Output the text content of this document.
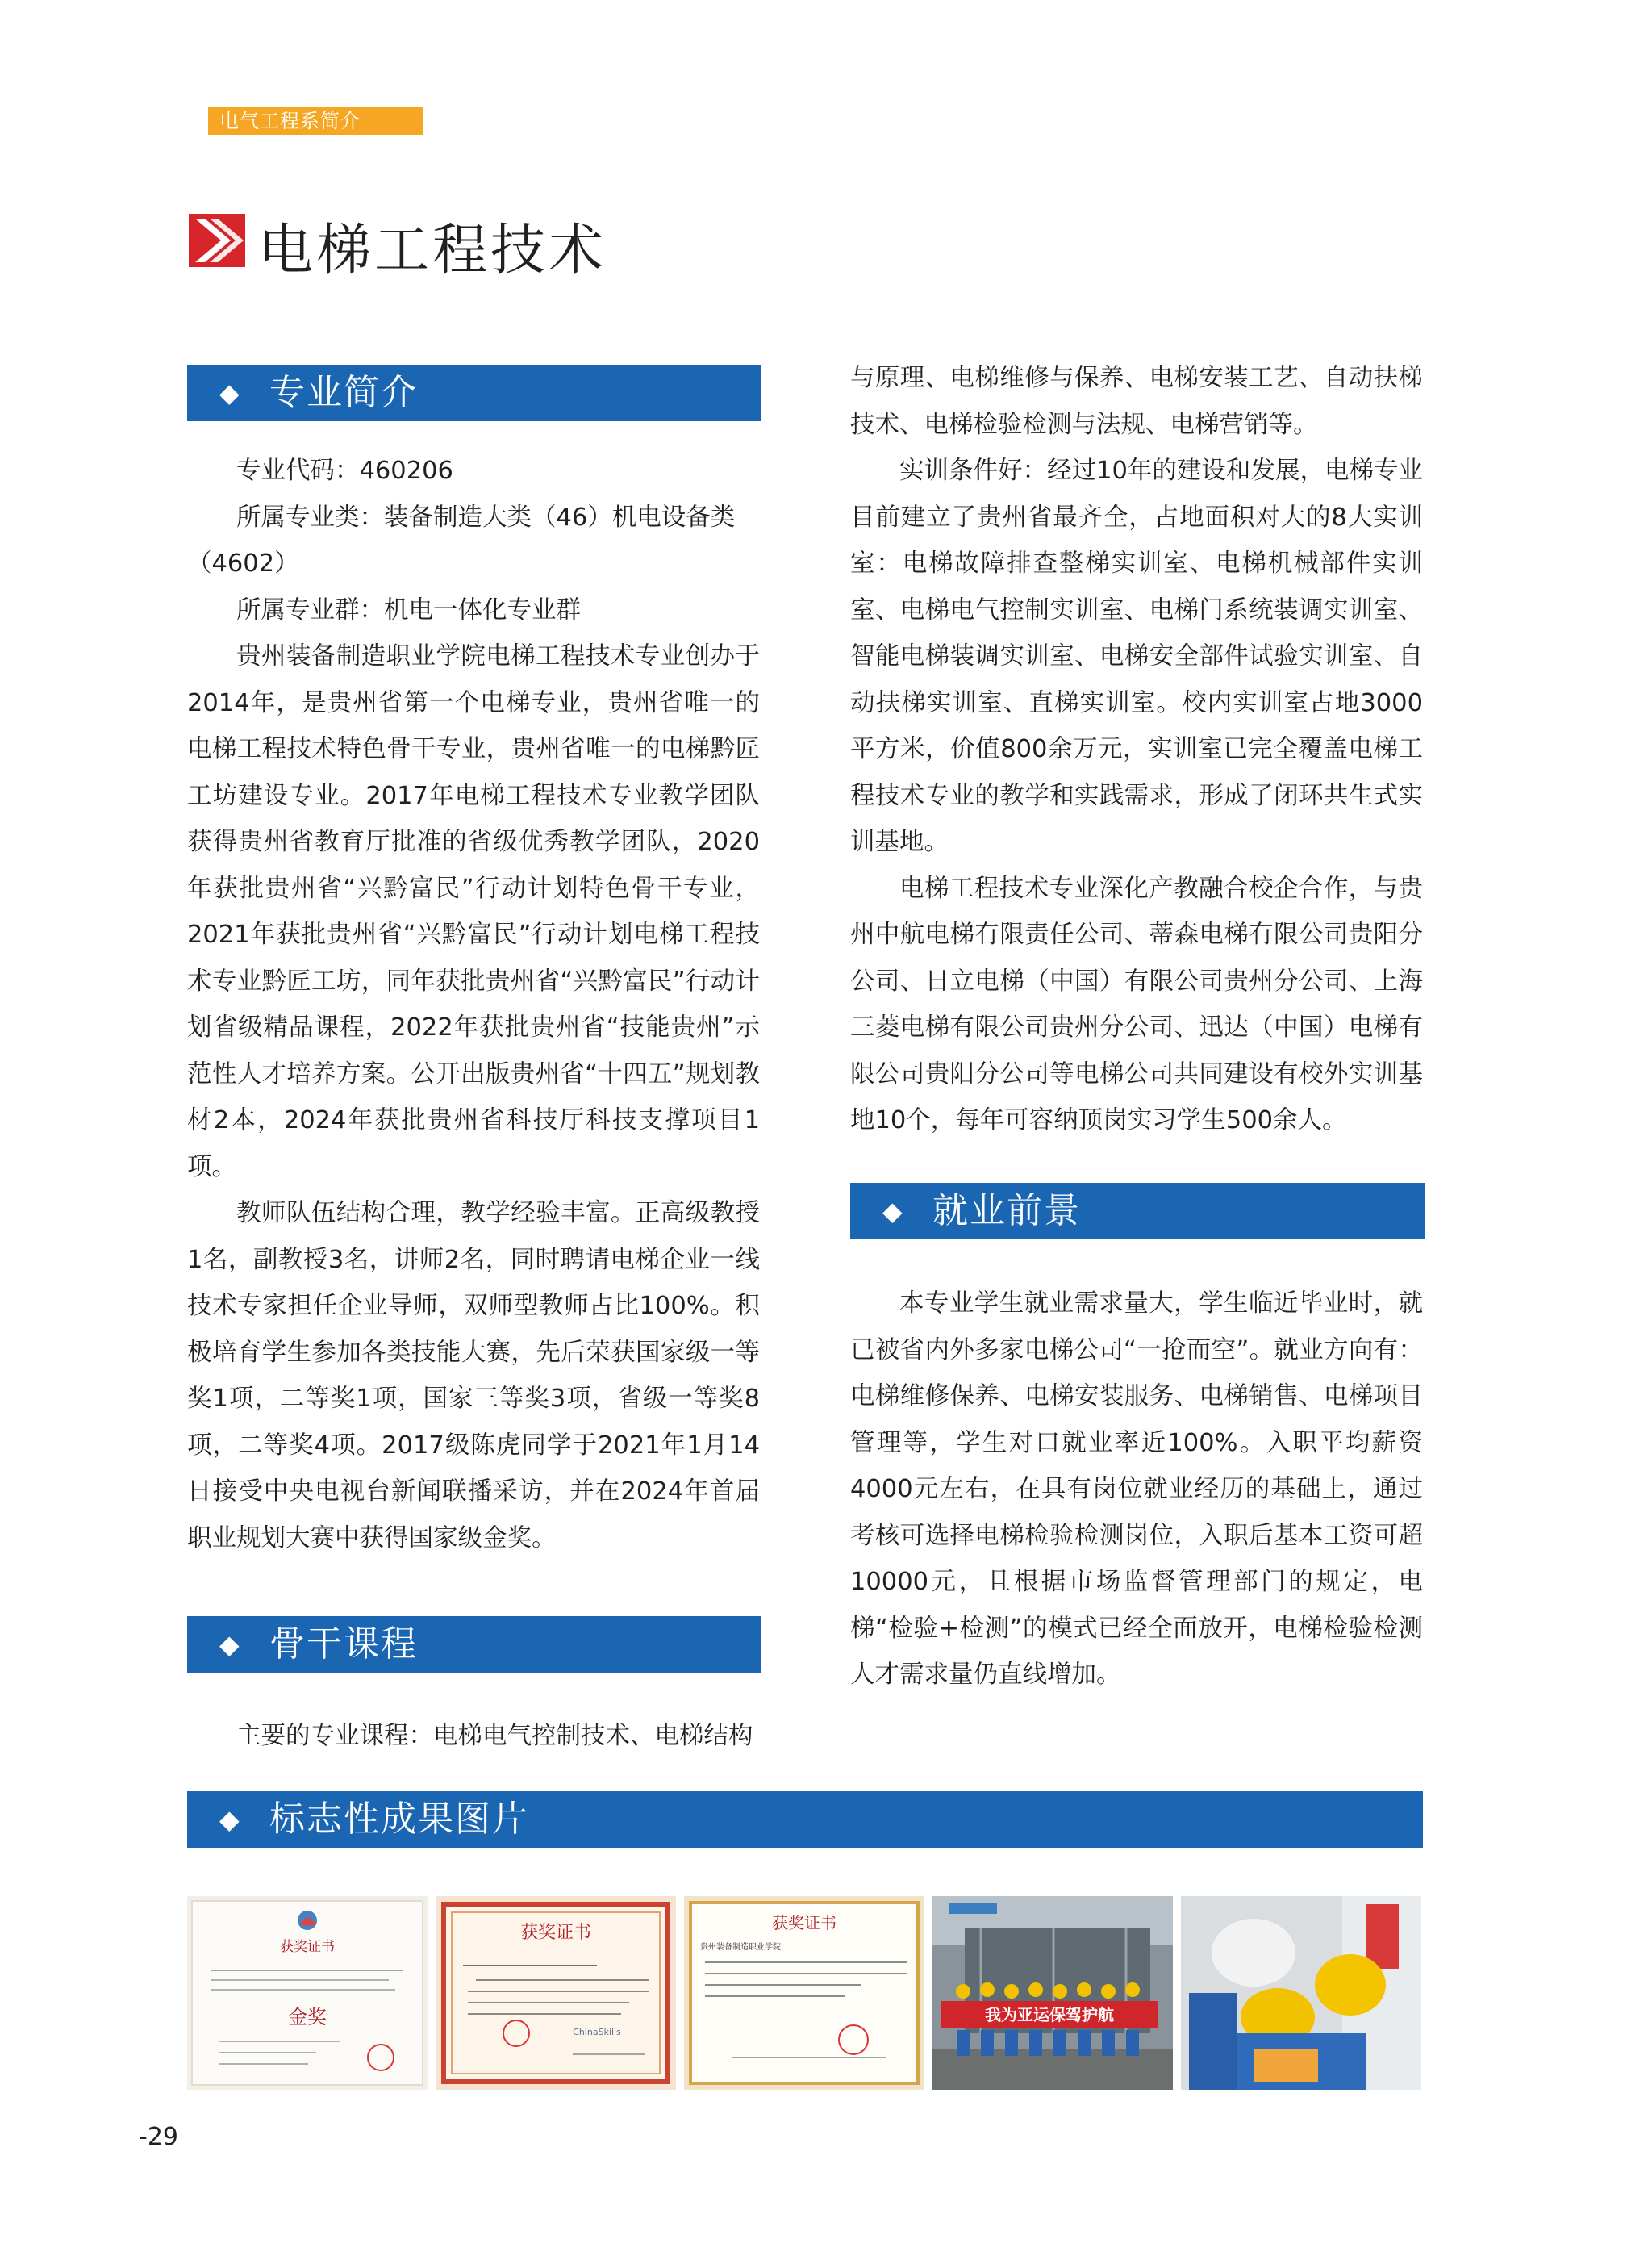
电气工程系简介
电梯工程技术
◆ 专业简介

专业代码：460206

所属专业类：装备制造大类（46）机电设备类

（4602）

所属专业群：机电一体化专业群

贵州装备制造职业学院电梯工程技术专业创办于2014年，是贵州省第一个电梯专业，贵州省唯一的电梯工程技术特色骨干专业，贵州省唯一的电梯黔匠工坊建设专业。2017年电梯工程技术专业教学团队获得贵州省教育厅批准的省级优秀教学团队，2020年获批贵州省“兴黔富民”行动计划特色骨干专业，2021年获批贵州省“兴黔富民”行动计划电梯工程技术专业黔匠工坊，同年获批贵州省“兴黔富民”行动计划省级精品课程，2022年获批贵州省“技能贵州”示范性人才培养方案。公开出版贵州省“十四五”规划教材2本，2024年获批贵州省科技厅科技支撑项目1项。

教师队伍结构合理，教学经验丰富。正高级教授1名，副教授3名，讲师2名，同时聘请电梯企业一线技术专家担任企业导师，双师型教师占比100%。积极培育学生参加各类技能大赛，先后荣获国家级一等奖1项，二等奖1项，国家三等奖3项，省级一等奖8项，二等奖4项。2017级陈虎同学于2021年1月14日接受中央电视台新闻联播采访，并在2024年首届职业规划大赛中获得国家级金奖。

◆ 骨干课程

主要的专业课程：电梯电气控制技术、电梯结构

与原理、电梯维修与保养、电梯安装工艺、自动扶梯技术、电梯检验检测与法规、电梯营销等。

实训条件好：经过10年的建设和发展，电梯专业目前建立了贵州省最齐全，占地面积对大的8大实训室：电梯故障排查整梯实训室、电梯机械部件实训室、电梯电气控制实训室、电梯门系统装调实训室、智能电梯装调实训室、电梯安全部件试验实训室、自动扶梯实训室、直梯实训室。校内实训室占地3000平方米，价值800余万元，实训室已完全覆盖电梯工程技术专业的教学和实践需求，形成了闭环共生式实训基地。

电梯工程技术专业深化产教融合校企合作，与贵州中航电梯有限责任公司、蒂森电梯有限公司贵阳分公司、日立电梯（中国）有限公司贵州分公司、上海三菱电梯有限公司贵州分公司、迅达（中国）电梯有限公司贵阳分公司等电梯公司共同建设有校外实训基地10个，每年可容纳顶岗实习学生500余人。

◆ 就业前景

本专业学生就业需求量大，学生临近毕业时，就已被省内外多家电梯公司“一抢而空”。就业方向有：电梯维修保养、电梯安装服务、电梯销售、电梯项目管理等，学生对口就业率近100%。入职平均薪资4000元左右，在具有岗位就业经历的基础上，通过考核可选择电梯检验检测岗位，入职后基本工资可超10000元，且根据市场监督管理部门的规定，电梯“检验+检测”的模式已经全面放开，电梯检验检测人才需求量仍直线增加。

◆ 标志性成果图片
获奖证书
金奖
获奖证书
ChinaSkills
获奖证书
贵州装备制造职业学院
我为亚运保驾护航
-29
